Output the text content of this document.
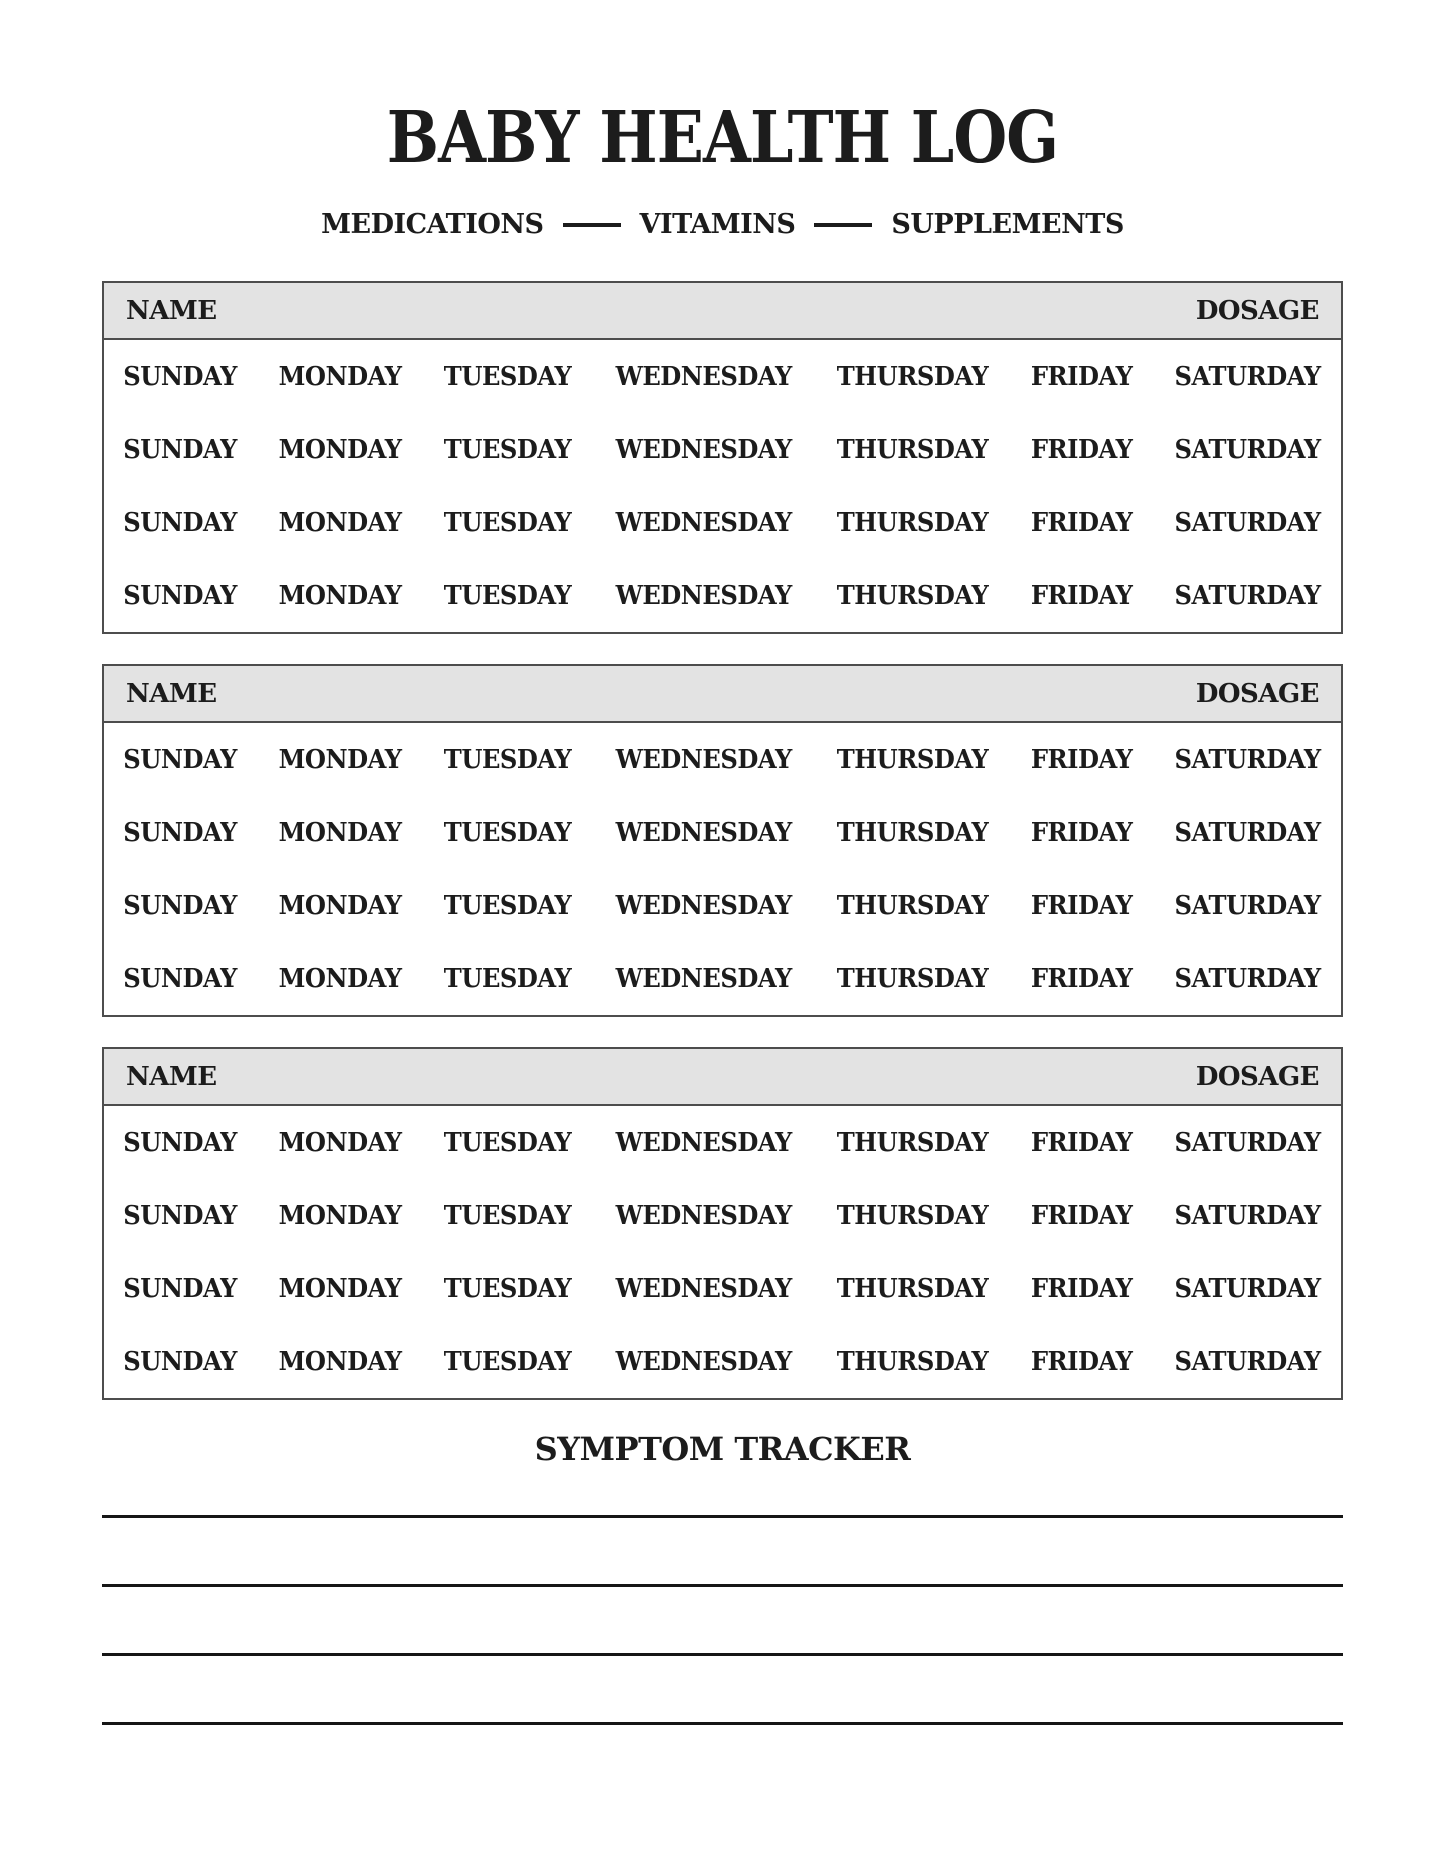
BABY HEALTH LOG
MEDICATIONS	VITAMINS	SUPPLEMENTS
NAME	DOSAGE
SUNDAY MONDAY TUESDAY WEDNESDAY THURSDAY FRIDAY SATURDAY
SUNDAY MONDAY TUESDAY WEDNESDAY THURSDAY FRIDAY SATURDAY
SUNDAY MONDAY TUESDAY WEDNESDAY THURSDAY FRIDAY SATURDAY
SUNDAY MONDAY TUESDAY WEDNESDAY THURSDAY FRIDAY SATURDAY
NAME	DOSAGE
SUNDAY MONDAY TUESDAY WEDNESDAY THURSDAY FRIDAY SATURDAY
SUNDAY MONDAY TUESDAY WEDNESDAY THURSDAY FRIDAY SATURDAY
SUNDAY MONDAY TUESDAY WEDNESDAY THURSDAY FRIDAY SATURDAY
SUNDAY MONDAY TUESDAY WEDNESDAY THURSDAY FRIDAY SATURDAY
NAME	DOSAGE
SUNDAY MONDAY TUESDAY WEDNESDAY THURSDAY FRIDAY SATURDAY
SUNDAY MONDAY TUESDAY WEDNESDAY THURSDAY FRIDAY SATURDAY
SUNDAY MONDAY TUESDAY WEDNESDAY THURSDAY FRIDAY SATURDAY
SUNDAY MONDAY TUESDAY WEDNESDAY THURSDAY FRIDAY SATURDAY
SYMPTOM TRACKER
